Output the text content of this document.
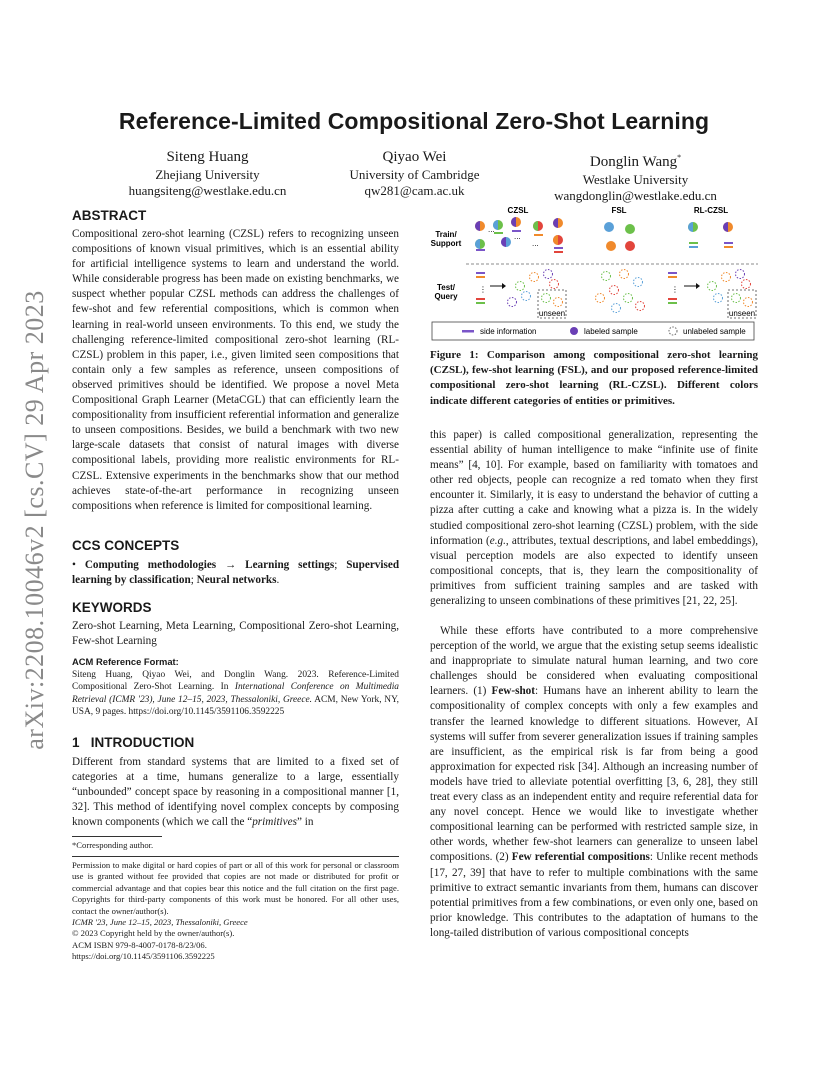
arXiv:2208.10046v2 [cs.CV] 29 Apr 2023
Reference-Limited Compositional Zero-Shot Learning
Siteng Huang
Zhejiang University
huangsiteng@westlake.edu.cn
Qiyao Wei
University of Cambridge
qw281@cam.ac.uk
Donglin Wang*
Westlake University
wangdonglin@westlake.edu.cn
ABSTRACT
Compositional zero-shot learning (CZSL) refers to recognizing unseen compositions of known visual primitives, which is an essential ability for artificial intelligence systems to learn and understand the world. While considerable progress has been made on existing benchmarks, we suspect whether popular CZSL methods can address the challenges of few-shot and few referential compositions, which is common when learning in real-world unseen environments. To this end, we study the challenging reference-limited compositional zero-shot learning (RL-CZSL) problem in this paper, i.e., given limited seen compositions that contain only a few samples as reference, unseen compositions of observed primitives should be identified. We propose a novel Meta Compositional Graph Learner (MetaCGL) that can efficiently learn the compositionality from insufficient referential information and generalize to unseen compositions. Besides, we build a benchmark with two new large-scale datasets that consist of natural images with diverse compositional labels, providing more realistic environments for RL-CZSL. Extensive experiments in the benchmarks show that our method achieves state-of-the-art performance in recognizing unseen compositions when reference is limited for compositional learning.
CCS CONCEPTS
• Computing methodologies → Learning settings; Supervised learning by classification; Neural networks.
KEYWORDS
Zero-shot Learning, Meta Learning, Compositional Zero-shot Learning, Few-shot Learning
ACM Reference Format:
Siteng Huang, Qiyao Wei, and Donglin Wang. 2023. Reference-Limited Compositional Zero-Shot Learning. In International Conference on Multimedia Retrieval (ICMR '23), June 12–15, 2023, Thessaloniki, Greece. ACM, New York, NY, USA, 9 pages. https://doi.org/10.1145/3591106.3592225
1 INTRODUCTION
Different from standard systems that are limited to a fixed set of categories at a time, humans generalize to a large, essentially “unbounded” concept space by reasoning in a compositional manner [1, 32]. This method of identifying novel complex concepts by composing known components (which we call the “primitives” in
*Corresponding author.
Permission to make digital or hard copies of part or all of this work for personal or classroom use is granted without fee provided that copies are not made or distributed for profit or commercial advantage and that copies bear this notice and the full citation on the first page. Copyrights for third-party components of this work must be honored. For all other uses, contact the owner/author(s).
ICMR '23, June 12–15, 2023, Thessaloniki, Greece
© 2023 Copyright held by the owner/author(s).
ACM ISBN 979-8-4007-0178-8/23/06.
https://doi.org/10.1145/3591106.3592225
CZSL	FSL	RL-CZSL
Train/
Support
Test/
Query
...
...
...
⋮
unseen
⋮
unseen
side information	labeled sample	unlabeled sample
Figure 1: Comparison among compositional zero-shot learning (CZSL), few-shot learning (FSL), and our proposed reference-limited compositional zero-shot learning (RL-CZSL). Different colors indicate different categories of entities or primitives.
this paper) is called compositional generalization, representing the essential ability of human intelligence to make “infinite use of finite means” [4, 10]. For example, based on familiarity with tomatoes and other red objects, people can recognize a red tomato when they first encounter it. Similarly, it is easy to understand the behavior of cutting a pizza after cutting a cake and knowing what a pizza is. In the widely studied compositional zero-shot learning (CZSL) problem, with the side information (e.g., attributes, textual descriptions, and label embeddings), visual perception models are also expected to identify unseen compositional concepts, that is, they learn the compositionality of primitives from sufficient training samples and are tasked with generalizing to unseen combinations of these primitives [21, 22, 25].
While these efforts have contributed to a more comprehensive perception of the world, we argue that the existing setup seems idealistic and inappropriate to simulate natural human learning, and two core challenges should be considered when evaluating compositional learners. (1) Few-shot: Humans have an inherent ability to learn the compositionality of complex concepts with only a few examples and transfer the learned knowledge to different situations. However, AI systems will suffer from severer generalization issues if training samples are insufficient, as the empirical risk is far from being a good approximation for expected risk [34]. Although an increasing number of models have tried to alleviate potential overfitting [3, 6, 28], they still treat every class as an independent entity and require referential data for any novel concept. Hence we would like to investigate whether compositional learning can be performed with restricted sample size, in other words, whether few-shot learners can generalize to unseen label compositions. (2) Few referential compositions: Unlike recent methods [17, 27, 39] that have to refer to multiple combinations with the same primitive to extract semantic invariants from them, humans can discover potential primitives from a few combinations, or even only one, based on prior knowledge. This contributes to the adaptation of humans to the long-tailed distribution of various compositional concepts
